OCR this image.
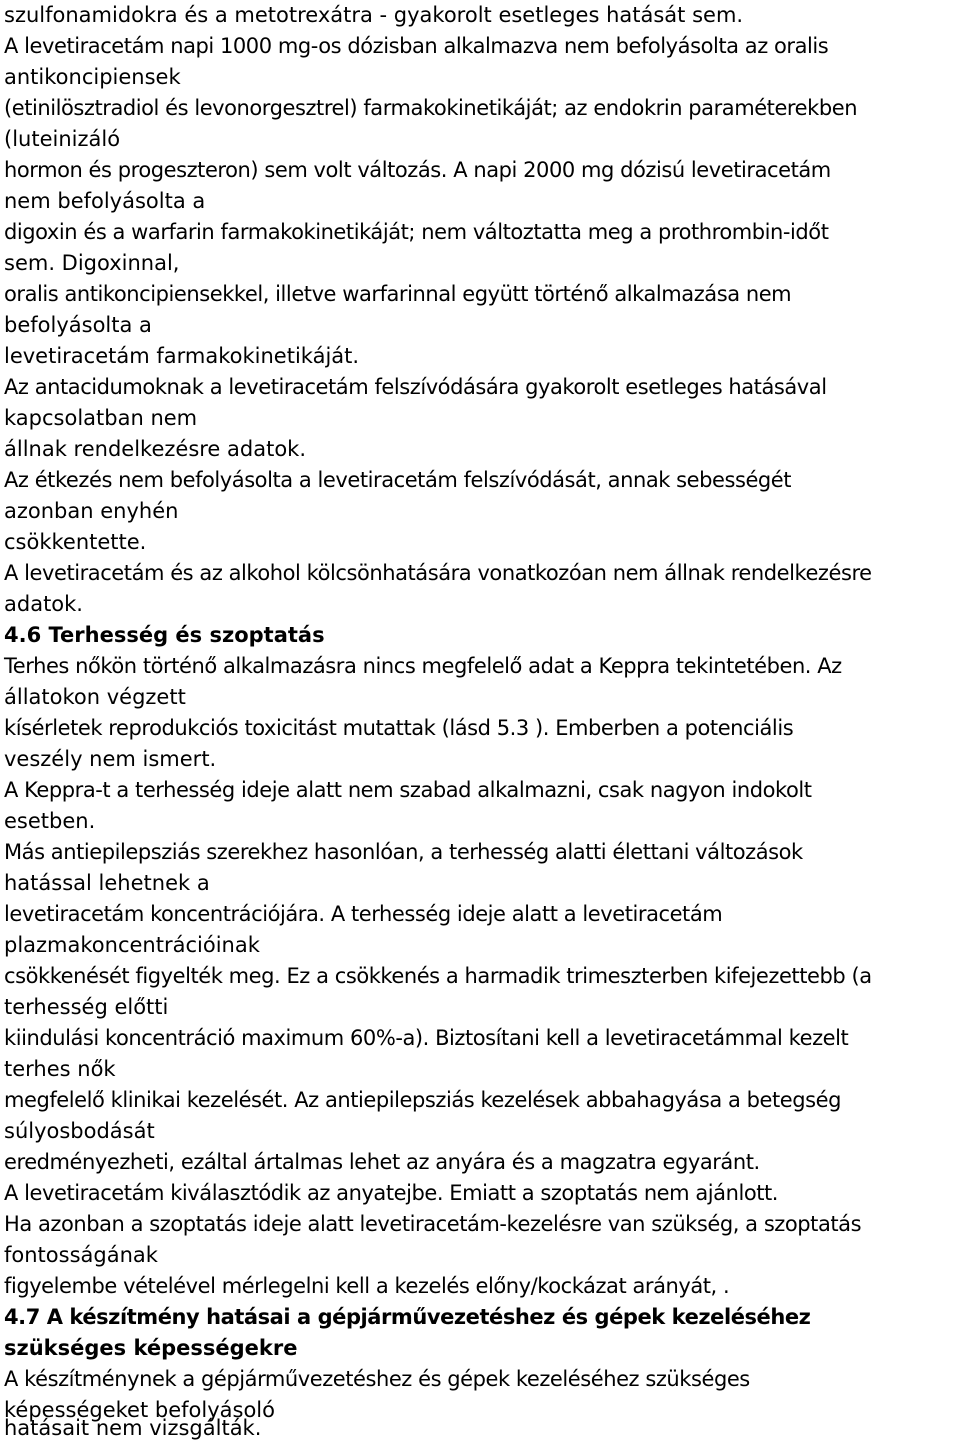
szulfonamidokra és a metotrexátra - gyakorolt esetleges hatását sem.
A levetiracetám napi 1000 mg-os dózisban alkalmazva nem befolyásolta az oralis
antikoncipiensek
(etinilösztradiol és levonorgesztrel) farmakokinetikáját; az endokrin paraméterekben
(luteinizáló
hormon és progeszteron) sem volt változás. A napi 2000 mg dózisú levetiracetám
nem befolyásolta a
digoxin és a warfarin farmakokinetikáját; nem változtatta meg a prothrombin-időt
sem. Digoxinnal,
oralis antikoncipiensekkel, illetve warfarinnal együtt történő alkalmazása nem
befolyásolta a
levetiracetám farmakokinetikáját.
Az antacidumoknak a levetiracetám felszívódására gyakorolt esetleges hatásával
kapcsolatban nem
állnak rendelkezésre adatok.
Az étkezés nem befolyásolta a levetiracetám felszívódását, annak sebességét
azonban enyhén
csökkentette.
A levetiracetám és az alkohol kölcsönhatására vonatkozóan nem állnak rendelkezésre
adatok.
4.6 Terhesség és szoptatás
Terhes nőkön történő alkalmazásra nincs megfelelő adat a Keppra tekintetében. Az
állatokon végzett
kísérletek reprodukciós toxicitást mutattak (lásd 5.3 ). Emberben a potenciális
veszély nem ismert.
A Keppra-t a terhesség ideje alatt nem szabad alkalmazni, csak nagyon indokolt
esetben.
Más antiepilepsziás szerekhez hasonlóan, a terhesség alatti élettani változások
hatással lehetnek a
levetiracetám koncentrációjára. A terhesség ideje alatt a levetiracetám
plazmakoncentrációinak
csökkenését figyelték meg. Ez a csökkenés a harmadik trimeszterben kifejezettebb (a
terhesség előtti
kiindulási koncentráció maximum 60%-a). Biztosítani kell a levetiracetámmal kezelt
terhes nők
megfelelő klinikai kezelését. Az antiepilepsziás kezelések abbahagyása a betegség
súlyosbodását
eredményezheti, ezáltal ártalmas lehet az anyára és a magzatra egyaránt.
A levetiracetám kiválasztódik az anyatejbe. Emiatt a szoptatás nem ajánlott.
Ha azonban a szoptatás ideje alatt levetiracetám-kezelésre van szükség, a szoptatás
fontosságának
figyelembe vételével mérlegelni kell a kezelés előny/kockázat arányát, .
4.7 A készítmény hatásai a gépjárművezetéshez és gépek kezeléséhez
szükséges képességekre
A készítménynek a gépjárművezetéshez és gépek kezeléséhez szükséges
képességeket befolyásoló
hatásait nem vizsgálták.
